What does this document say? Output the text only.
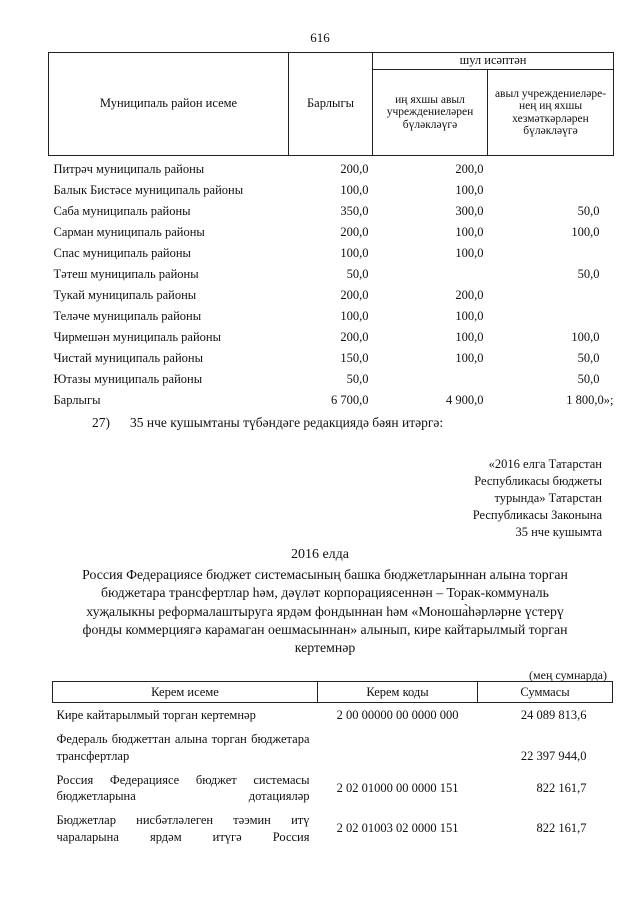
616
Муниципаль район исеме	Барлыгы	шул исәптән	
		иң яхшы авыл учреждениеләрен бүләкләүгә	авыл учреждениеләре-нең иң яхшы хезмәткәрләрен бүләкләүгә
Питрәч муниципаль районы	200,0	200,0	
Балык Бистәсе муниципаль районы	100,0	100,0	
Саба муниципаль районы	350,0	300,0	50,0
Сарман муниципаль районы	200,0	100,0	100,0
Спас муниципаль районы	100,0	100,0	
Тәтеш муниципаль районы	50,0		50,0
Тукай муниципаль районы	200,0	200,0	
Теләче муниципаль районы	100,0	100,0	
Чирмешән муниципаль районы	200,0	100,0	100,0
Чистай муниципаль районы	150,0	100,0	50,0
Ютазы муниципаль районы	50,0		50,0
Барлыгы	6 700,0	4 900,0	1 800,0»;
27) 35 нче кушымтаны түбәндәге редакциядә бәян итәргә:
«2016 елга Татарстан
Республикасы бюджеты
турында» Татарстан
Республикасы Законына
35 нче кушымта
2016 елда
Россия Федерациясе бюджет системасының башка бюджетларыннан алына торган
бюджетара трансфертлар һәм, дәүләт корпорациясеннән – Торак-коммуналь
хуҗалыкны реформалаштыруга ярдәм фондыннан һәм «Моноша̀һәрләрне үстерү
фонды коммерциягә карамаган оешмасыннан» алынып, кире кайтарылмый торган
кертемнәр
(мең сумнарда)
Керем исеме	Керем коды	Суммасы
Кире кайтарылмый торган кертемнәр	2 00 00000 00 0000 000	24 089 813,6
Федераль бюджеттан алына торган бюджетара трансфертлар		22 397 944,0
Россия Федерациясе бюджет системасы бюджетларына дотацияләр	2 02 01000 00 0000 151	822 161,7
Бюджетлар нисбәтләлеген тәэмин итү чараларына ярдәм итүгә Россия	2 02 01003 02 0000 151	822 161,7
